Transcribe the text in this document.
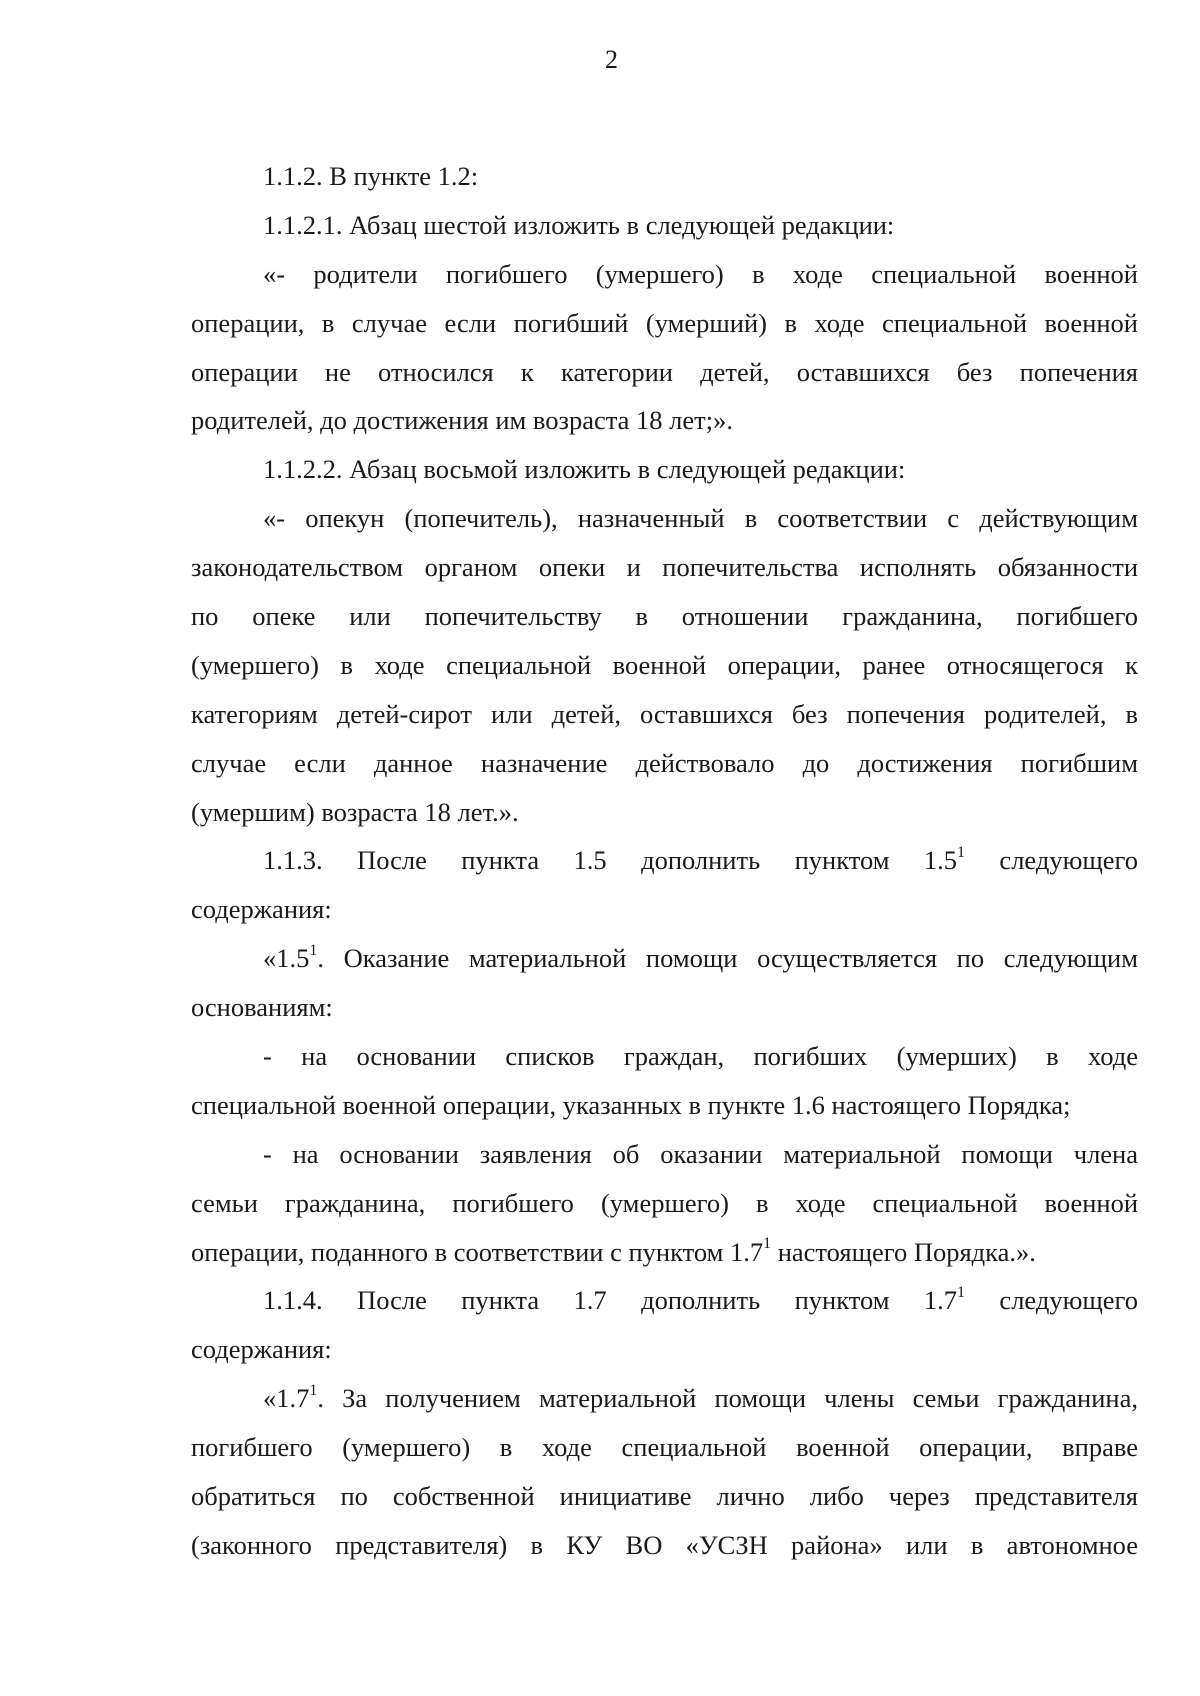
2
1.1.2. В пункте 1.2:
1.1.2.1. Абзац шестой изложить в следующей редакции:
«- родители погибшего (умершего) в ходе специальной военной
операции, в случае если погибший (умерший) в ходе специальной военной
операции не относился к категории детей, оставшихся без попечения
родителей, до достижения им возраста 18 лет;».
1.1.2.2. Абзац восьмой изложить в следующей редакции:
«- опекун (попечитель), назначенный в соответствии с действующим
законодательством органом опеки и попечительства исполнять обязанности
по опеке или попечительству в отношении гражданина, погибшего
(умершего) в ходе специальной военной операции, ранее относящегося к
категориям детей-сирот или детей, оставшихся без попечения родителей, в
случае если данное назначение действовало до достижения погибшим
(умершим) возраста 18 лет.».
1.1.3. После пункта 1.5 дополнить пунктом $1.5^1$ следующего
содержания:
«$1.5^1$. Оказание материальной помощи осуществляется по следующим
основаниям:
- на основании списков граждан, погибших (умерших) в ходе
специальной военной операции, указанных в пункте 1.6 настоящего Порядка;
- на основании заявления об оказании материальной помощи члена
семьи гражданина, погибшего (умершего) в ходе специальной военной
операции, поданного в соответствии с пунктом $1.7^1$ настоящего Порядка.».
1.1.4. После пункта 1.7 дополнить пунктом $1.7^1$ следующего
содержания:
«$1.7^1$. За получением материальной помощи члены семьи гражданина,
погибшего (умершего) в ходе специальной военной операции, вправе
обратиться по собственной инициативе лично либо через представителя
(законного представителя) в КУ ВО «УСЗН района» или в автономное
